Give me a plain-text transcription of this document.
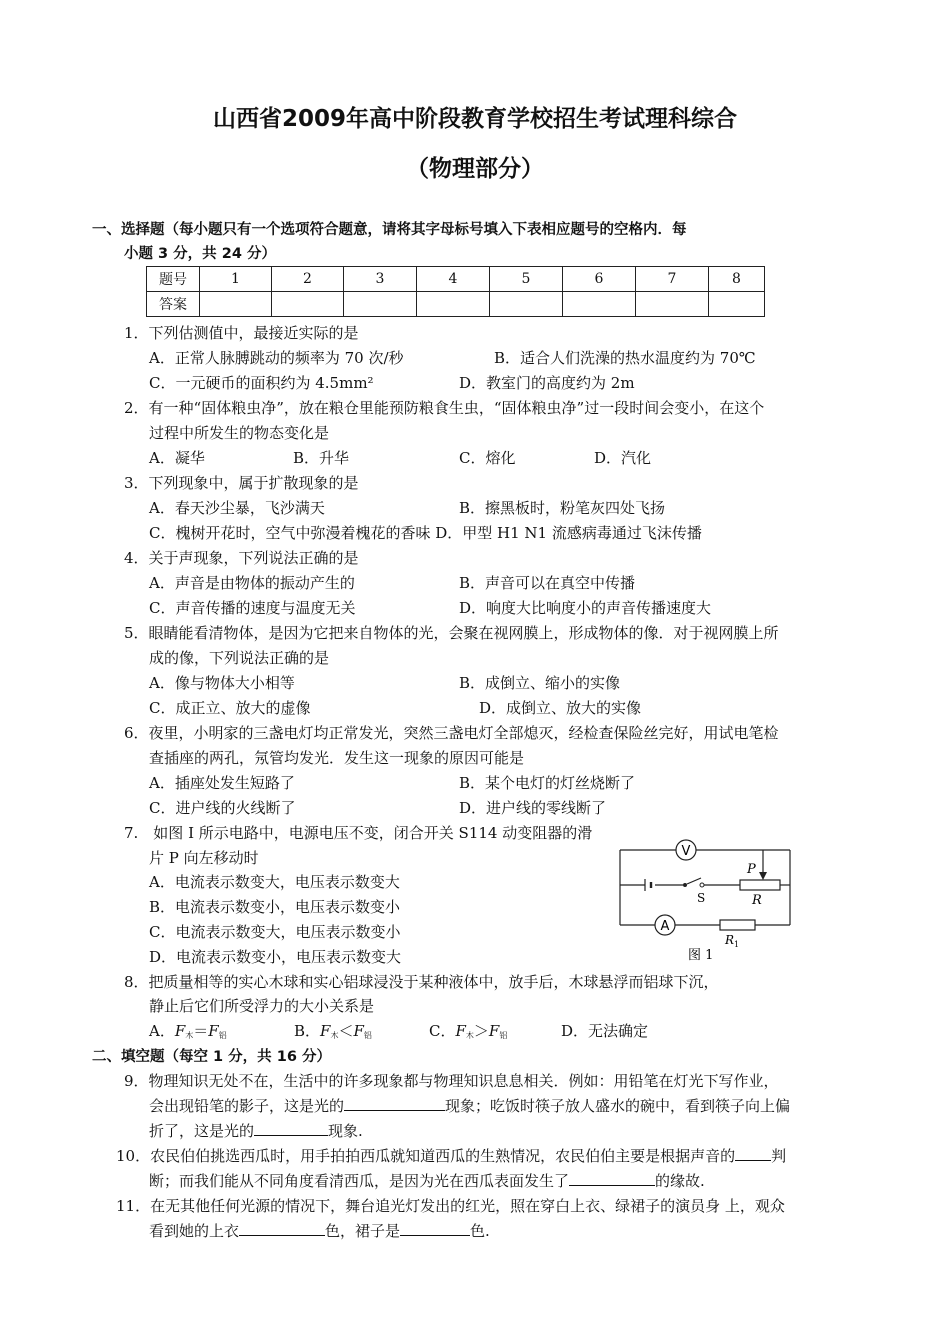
山西省2009年高中阶段教育学校招生考试理科综合
（物理部分）
一、选择题（每小题只有一个选项符合题意，请将其字母标号填入下表相应题号的空格内．每
小题 3 分，共 24 分）
题号	1	2	3	4	5	6	7	8
答案								
1．下列估测值中，最接近实际的是
A．正常人脉膊跳动的频率为 70 次/秒	B．适合人们洗澡的热水温度约为 70℃
C．一元硬币的面积约为 4.5mm²	D．教室门的高度约为 2m
2．有一种“固体粮虫净”，放在粮仓里能预防粮食生虫，“固体粮虫净”过一段时间会变小，在这个
过程中所发生的物态变化是
A．凝华	B．升华	C．熔化	D．汽化
3．下列现象中，属于扩散现象的是
A．春天沙尘暴，飞沙满天	B．擦黑板时，粉笔灰四处飞扬
C．槐树开花时，空气中弥漫着槐花的香味 D．甲型 H1 N1 流感病毒通过飞沫传播
4．关于声现象，下列说法正确的是
A．声音是由物体的振动产生的	B．声音可以在真空中传播
C．声音传播的速度与温度无关	D．响度大比响度小的声音传播速度大
5．眼睛能看清物体，是因为它把来自物体的光，会聚在视网膜上，形成物体的像．对于视网膜上所
成的像，下列说法正确的是
A．像与物体大小相等	B．成倒立、缩小的实像
C．成正立、放大的虚像	D．成倒立、放大的实像
6．夜里，小明家的三盏电灯均正常发光，突然三盏电灯全部熄灭，经检查保险丝完好，用试电笔检
查插座的两孔，氖管均发光．发生这一现象的原因可能是
A．插座处发生短路了	B．某个电灯的灯丝烧断了
C．进户线的火线断了	D．进户线的零线断了
7.　如图 I 所示电路中，电源电压不变，闭合开关 S114 动变阻器的滑
片 P 向左移动时
A．电流表示数变大，电压表示数变大
B．电流表示数变小，电压表示数变小
C．电流表示数变大，电压表示数变小
D．电流表示数变小，电压表示数变大
V
A
P
R
S
$R_1$
图 1
8．把质量相等的实心木球和实心铝球浸没于某种液体中，放手后，木球悬浮而铝球下沉，
静止后它们所受浮力的大小关系是
A．$F_木=F_铝$	B．$F_木<F_铝$	C．$F_木>F_铝$	D．无法确定
二、填空题（每空 1 分，共 16 分）
9．物理知识无处不在，生活中的许多现象都与物理知识息息相关．例如：用铅笔在灯光下写作业，
会出现铅笔的影子，这是光的	现象；吃饭时筷子放人盛水的碗中，看到筷子向上偏
折了，这是光的	现象.
10．农民伯伯挑选西瓜时，用手拍拍西瓜就知道西瓜的生熟情况，农民伯伯主要是根据声音的 判
断；而我们能从不同角度看清西瓜，是因为光在西瓜表面发生了	的缘故.
11．在无其他任何光源的情况下，舞台追光灯发出的红光，照在穿白上衣、绿裙子的演员身 上，观众
看到她的上衣	色，裙子是	色.
